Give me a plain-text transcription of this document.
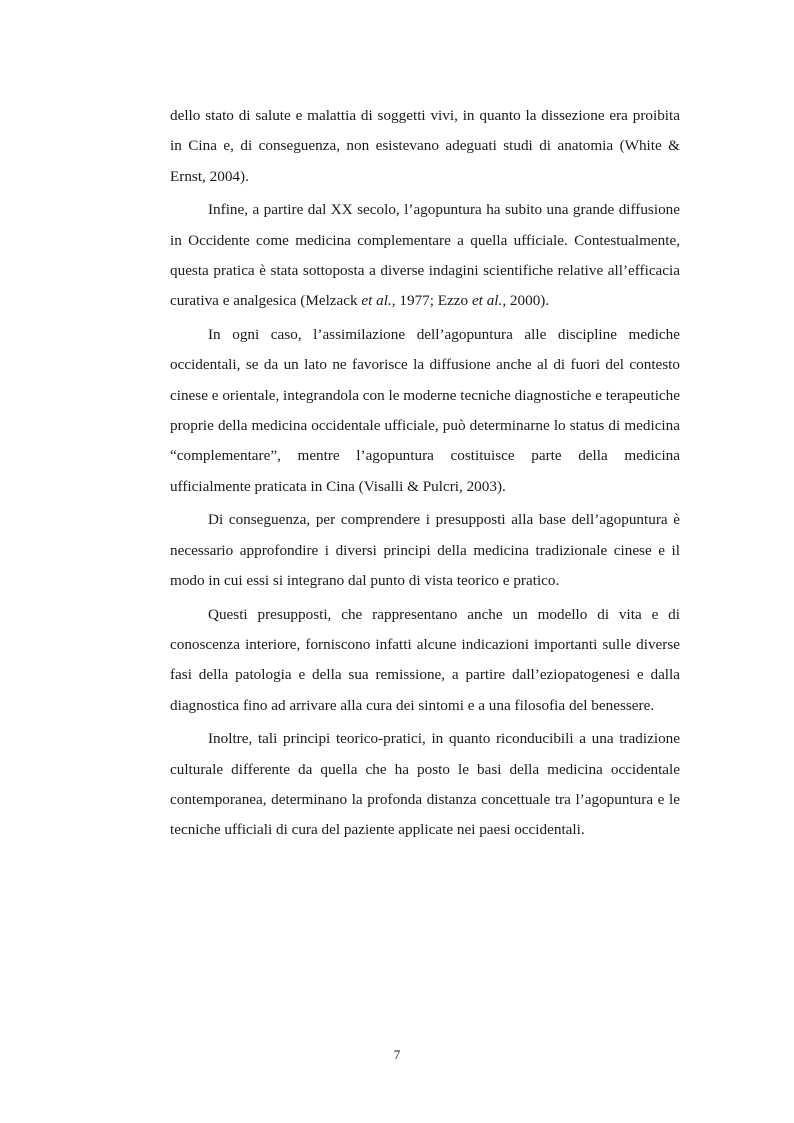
dello stato di salute e malattia di soggetti vivi, in quanto la dissezione era proibita in Cina e, di conseguenza, non esistevano adeguati studi di anatomia (White & Ernst, 2004).

Infine, a partire dal XX secolo, l’agopuntura ha subito una grande diffusione in Occidente come medicina complementare a quella ufficiale. Contestualmente, questa pratica è stata sottoposta a diverse indagini scientifiche relative all’efficacia curativa e analgesica (Melzack et al., 1977; Ezzo et al., 2000).

In ogni caso, l’assimilazione dell’agopuntura alle discipline mediche occidentali, se da un lato ne favorisce la diffusione anche al di fuori del contesto cinese e orientale, integrandola con le moderne tecniche diagnostiche e terapeutiche proprie della medicina occidentale ufficiale, può determinarne lo status di medicina “complementare”, mentre l’agopuntura costituisce parte della medicina ufficialmente praticata in Cina (Visalli & Pulcri, 2003).

Di conseguenza, per comprendere i presupposti alla base dell’agopuntura è necessario approfondire i diversi principi della medicina tradizionale cinese e il modo in cui essi si integrano dal punto di vista teorico e pratico.

Questi presupposti, che rappresentano anche un modello di vita e di conoscenza interiore, forniscono infatti alcune indicazioni importanti sulle diverse fasi della patologia e della sua remissione, a partire dall’eziopatogenesi e dalla diagnostica fino ad arrivare alla cura dei sintomi e a una filosofia del benessere.

Inoltre, tali principi teorico-pratici, in quanto riconducibili a una tradizione culturale differente da quella che ha posto le basi della medicina occidentale contemporanea, determinano la profonda distanza concettuale tra l’agopuntura e le tecniche ufficiali di cura del paziente applicate nei paesi occidentali.

7
